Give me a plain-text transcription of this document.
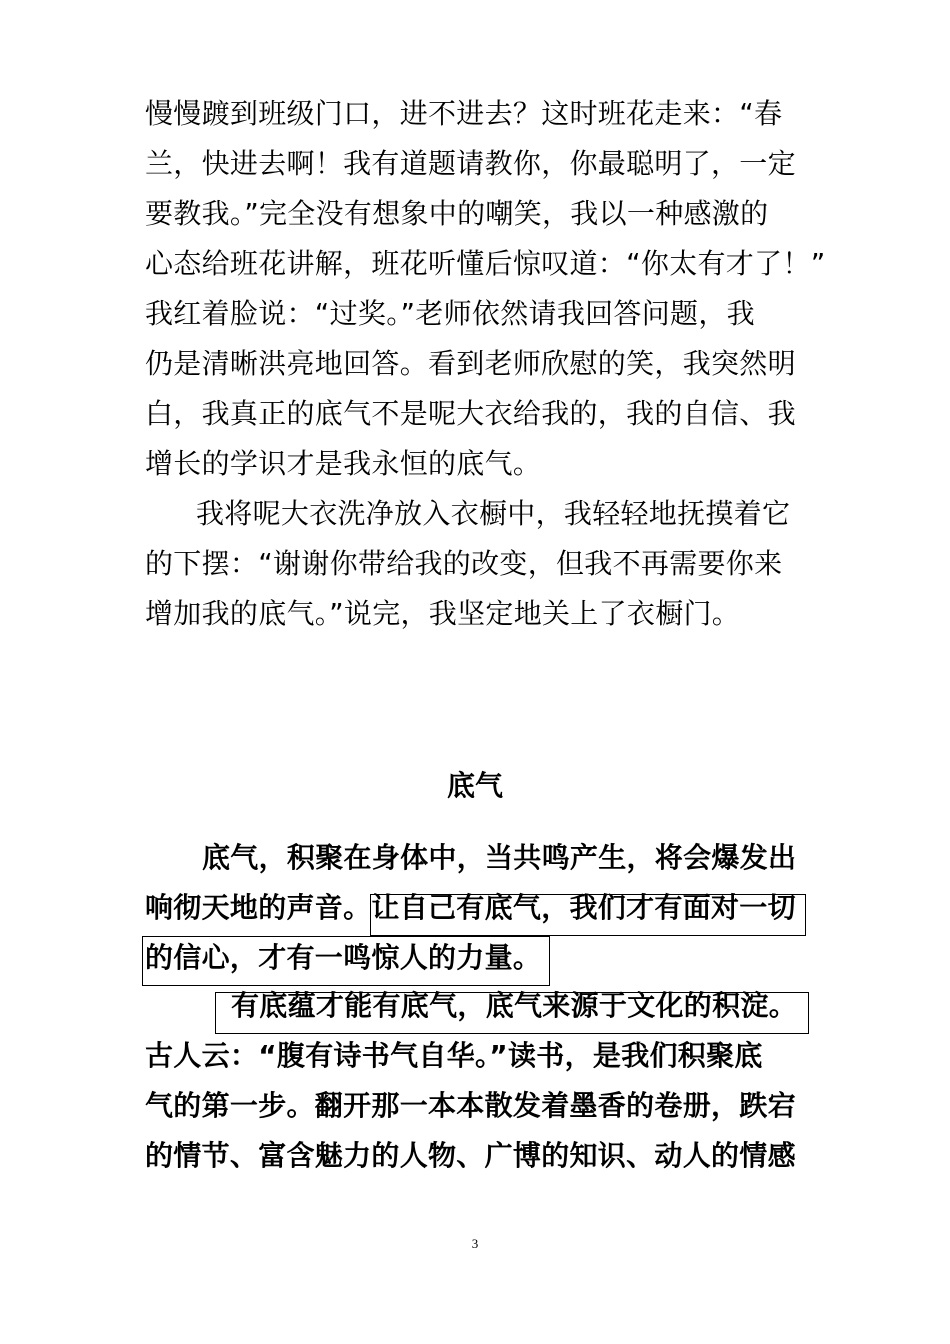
慢慢踱到班级门口，进不进去？这时班花走来：“春
兰，快进去啊！我有道题请教你，你最聪明了，一定
要教我。”完全没有想象中的嘲笑，我以一种感激的
心态给班花讲解，班花听懂后惊叹道：“你太有才了！”
我红着脸说：“过奖。”老师依然请我回答问题，我
仍是清晰洪亮地回答。看到老师欣慰的笑，我突然明
白，我真正的底气不是呢大衣给我的，我的自信、我
增长的学识才是我永恒的底气。
我将呢大衣洗净放入衣橱中，我轻轻地抚摸着它
的下摆：“谢谢你带给我的改变，但我不再需要你来
增加我的底气。”说完，我坚定地关上了衣橱门。
底气
底气，积聚在身体中，当共鸣产生，将会爆发出
响彻天地的声音。让自己有底气，我们才有面对一切
的信心，才有一鸣惊人的力量。
有底蕴才能有底气，底气来源于文化的积淀。
古人云：“腹有诗书气自华。”读书，是我们积聚底
气的第一步。翻开那一本本散发着墨香的卷册，跌宕
的情节、富含魅力的人物、广博的知识、动人的情感
3
